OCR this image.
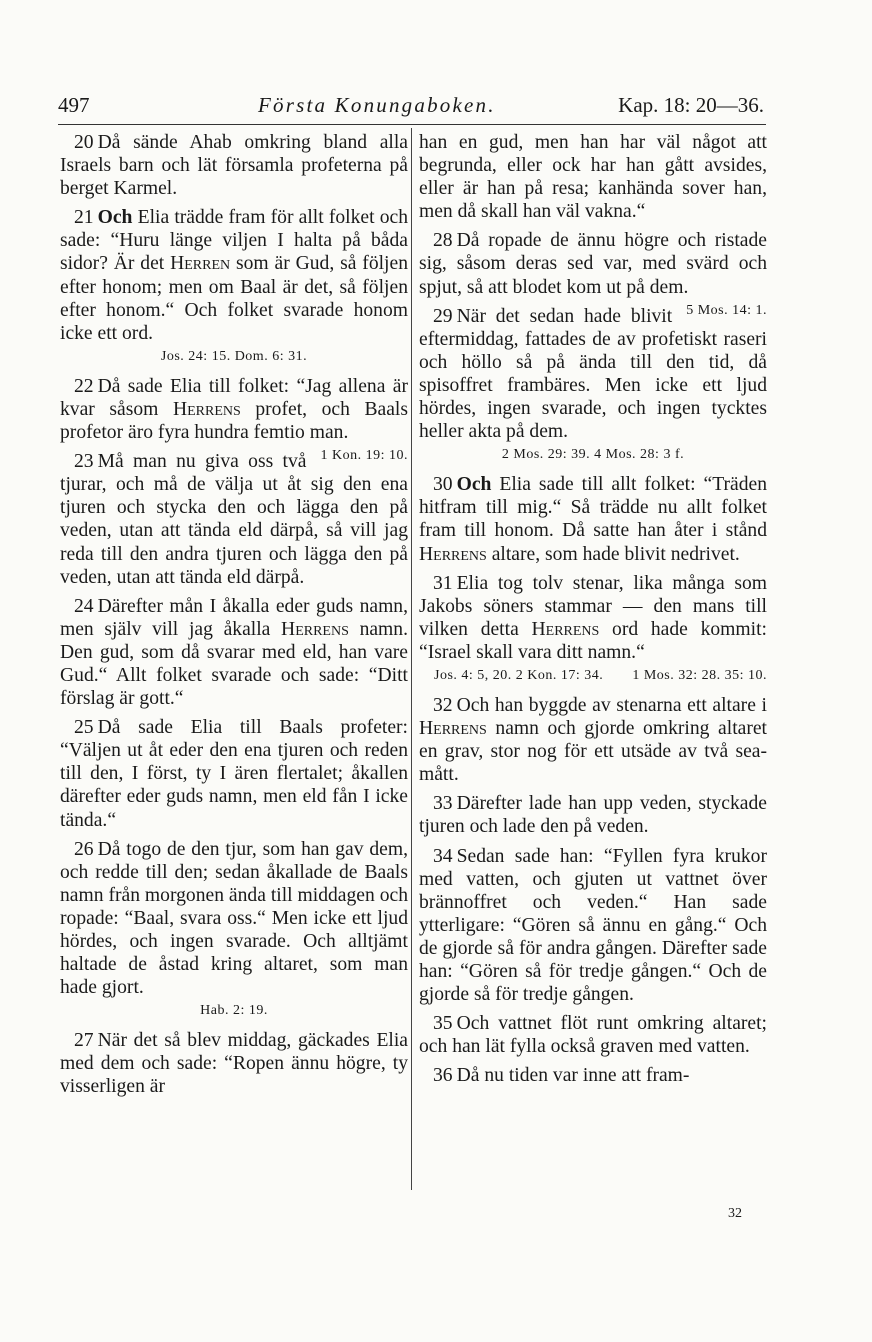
497	Första Konungaboken.	Kap. 18: 20—36.

20 Då sände Ahab omkring bland alla Israels barn och lät församla profeterna på berget Karmel.

21 Och Elia trädde fram för allt folket och sade: “Huru länge viljen I halta på båda sidor? Är det Herren som är Gud, så följen efter honom; men om Baal är det, så följen efter honom.“ Och folket svarade honom icke ett ord.

Jos. 24: 15. Dom. 6: 31.

22 Då sade Elia till folket: “Jag allena är kvar såsom Herrens profet, och Baals profetor äro fyra hundra femtio man.
1 Kon. 19: 10.

23 Må man nu giva oss två tjurar, och må de välja ut åt sig den ena tjuren och stycka den och lägga den på veden, utan att tända eld därpå, så vill jag reda till den andra tjuren och lägga den på veden, utan att tända eld därpå.

24 Därefter mån I åkalla eder guds namn, men själv vill jag åkalla Herrens namn. Den gud, som då svarar med eld, han vare Gud.“ Allt folket svarade och sade: “Ditt förslag är gott.“

25 Då sade Elia till Baals profeter: “Väljen ut åt eder den ena tjuren och reden till den, I först, ty I ären flertalet; åkallen därefter eder guds namn, men eld fån I icke tända.“

26 Då togo de den tjur, som han gav dem, och redde till den; sedan åkallade de Baals namn från morgonen ända till middagen och ropade: “Baal, svara oss.“ Men icke ett ljud hördes, och ingen svarade. Och alltjämt haltade de åstad kring altaret, som man hade gjort.

Hab. 2: 19.

27 När det så blev middag, gäckades Elia med dem och sade: “Ropen ännu högre, ty visserligen är

han en gud, men han har väl något att begrunda, eller ock har han gått avsides, eller är han på resa; kanhända sover han, men då skall han väl vakna.“

28 Då ropade de ännu högre och ristade sig, såsom deras sed var, med svärd och spjut, så att blodet kom ut på dem.
5 Mos. 14: 1.

29 När det sedan hade blivit eftermiddag, fattades de av profetiskt raseri och höllo så på ända till den tid, då spisoffret frambäres. Men icke ett ljud hördes, ingen svarade, och ingen tycktes heller akta på dem.

2 Mos. 29: 39. 4 Mos. 28: 3 f.

30 Och Elia sade till allt folket: “Träden hitfram till mig.“ Så trädde nu allt folket fram till honom. Då satte han åter i stånd Herrens altare, som hade blivit nedrivet.

31 Elia tog tolv stenar, lika många som Jakobs söners stammar — den mans till vilken detta Herrens ord hade kommit: “Israel skall vara ditt namn.“
1 Mos. 32: 28. 35: 10.

Jos. 4: 5, 20. 2 Kon. 17: 34.

32 Och han byggde av stenarna ett altare i Herrens namn och gjorde omkring altaret en grav, stor nog för ett utsäde av två sea-mått.

33 Därefter lade han upp veden, styckade tjuren och lade den på veden.

34 Sedan sade han: “Fyllen fyra krukor med vatten, och gjuten ut vattnet över brännoffret och veden.“ Han sade ytterligare: “Gören så ännu en gång.“ Och de gjorde så för andra gången. Därefter sade han: “Gören så för tredje gången.“ Och de gjorde så för tredje gången.

35 Och vattnet flöt runt omkring altaret; och han lät fylla också graven med vatten.

36 Då nu tiden var inne att fram-

32
